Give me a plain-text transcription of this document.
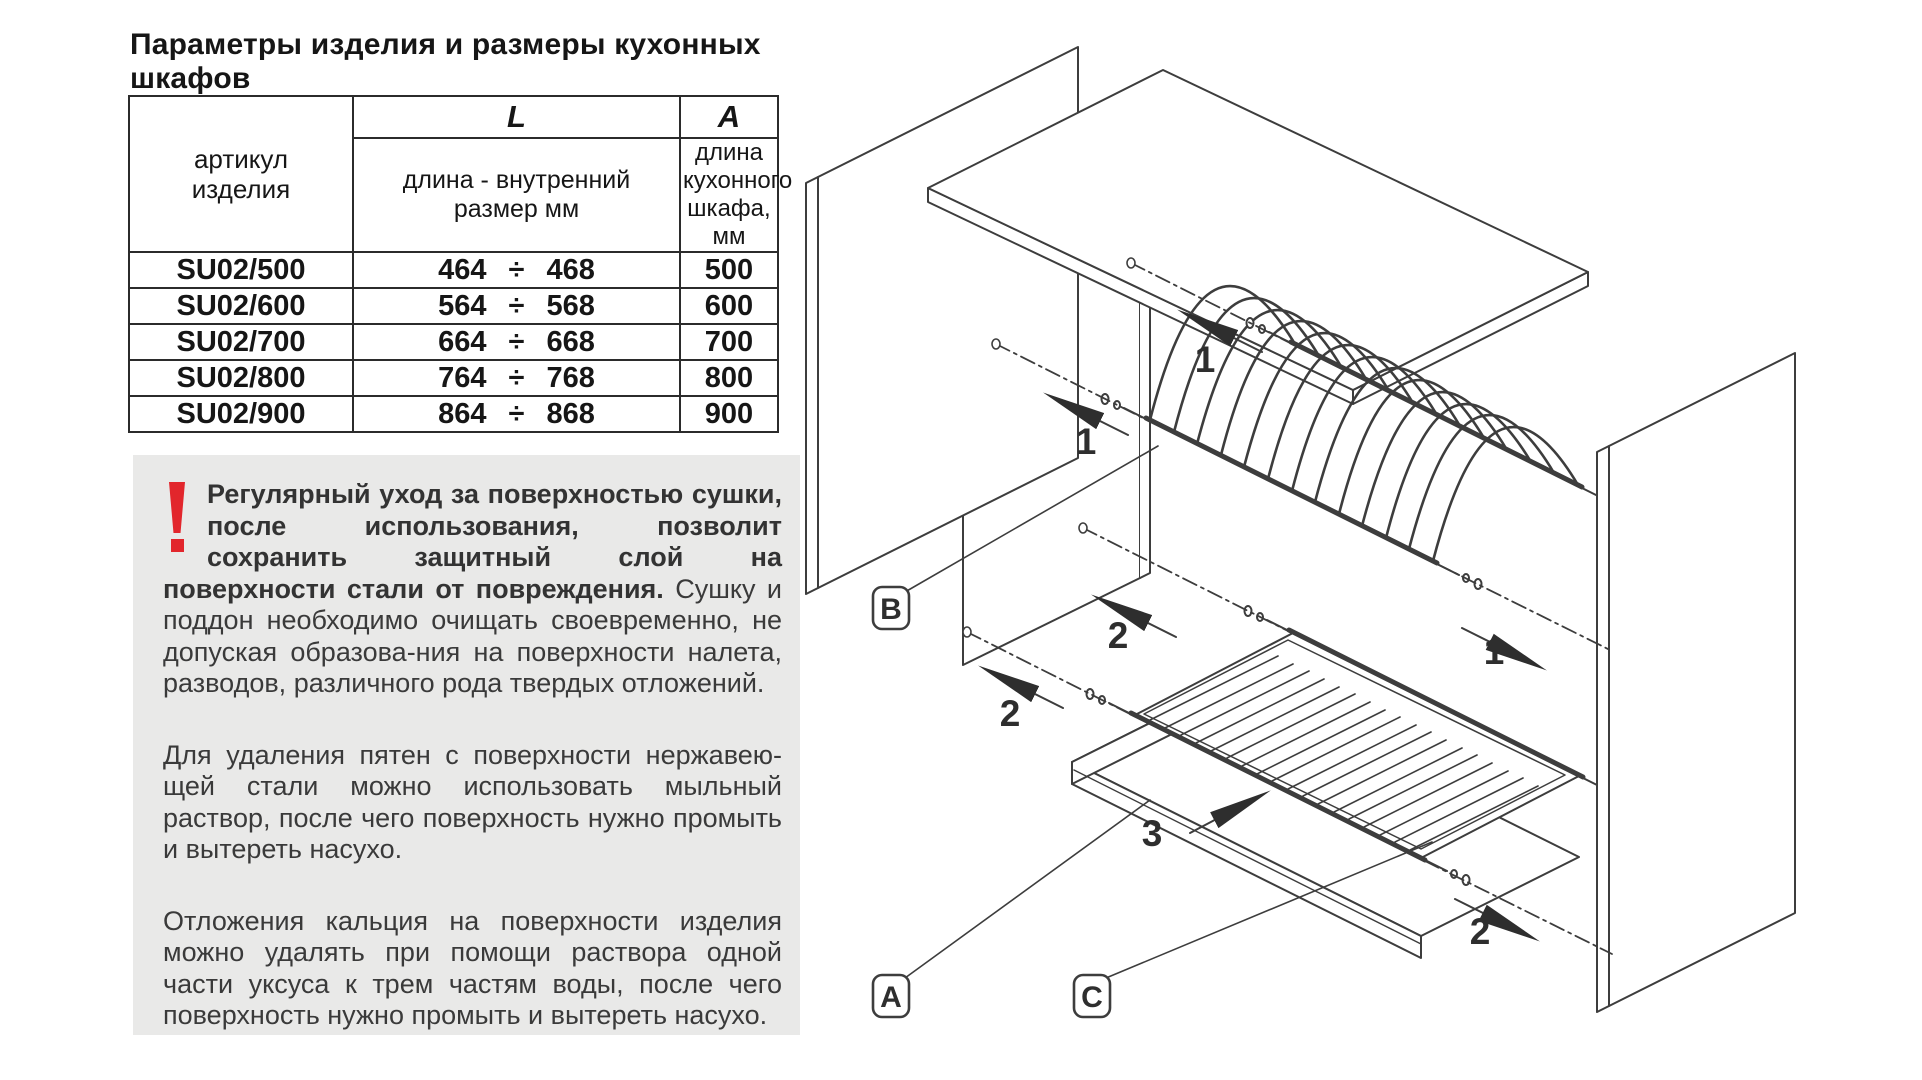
Параметры изделия и размеры кухонных шкафов
артикул изделия	L	A
	длина - внутренний размер мм	длина кухонного шкафа, мм
SU02/500	464 ÷ 468	500
SU02/600	564 ÷ 568	600
SU02/700	664 ÷ 668	700
SU02/800	764 ÷ 768	800
SU02/900	864 ÷ 868	900

Регулярный уход за поверхностью сушки, после использования, позволит сохранить защитный слой на поверхности стали от повреждения. Сушку и поддон необходимо очищать своевременно, не допуская образова-ния на поверхности налета, разводов, различного рода твердых отложений.

Для удаления пятен с поверхности нержавею-щей стали можно использовать мыльный раствор, после чего поверхность нужно промыть и вытереть насухо.

Отложения кальция на поверхности изделия можно удалять при помощи раствора одной части уксуса к трем частям воды, после чего поверхность нужно промыть и вытереть насухо.

1
1
1
2
2
2
3
B
A	C
